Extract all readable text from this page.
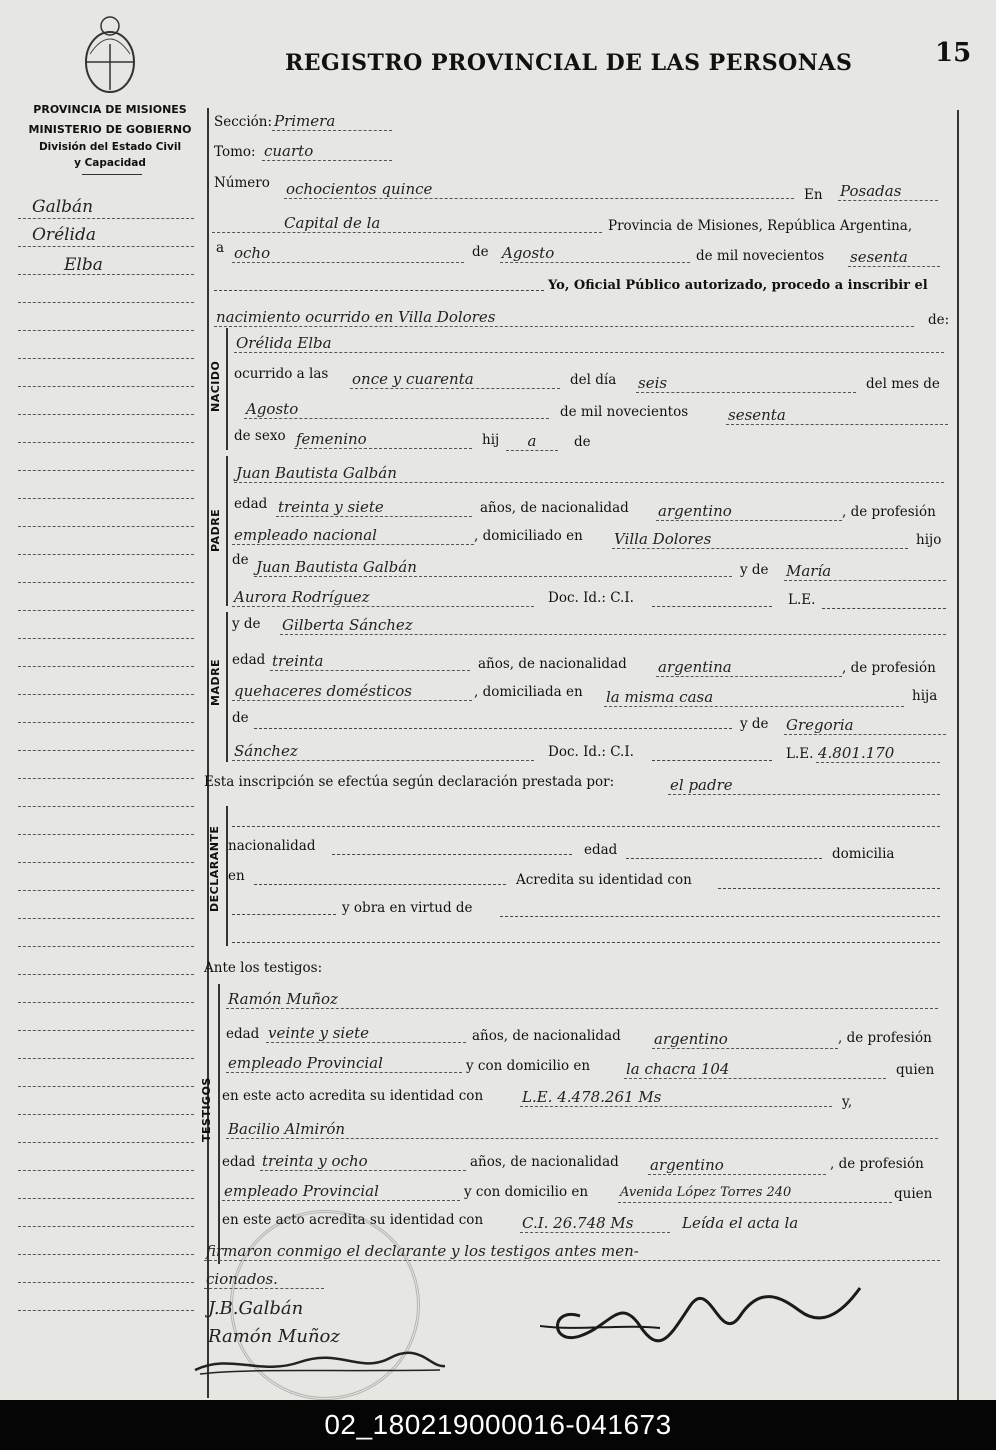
REGISTRO PROVINCIAL DE LAS PERSONAS	15
PROVINCIA DE MISIONES
MINISTERIO DE GOBIERNO
División del Estado Civil
y Capacidad
Galbán
Orélida
Elba
Sección: Primera
Tomo: cuarto
Número ochocientos quince	En Posadas
Capital de la	Provincia de Misiones, República Argentina,
a ocho	de Agosto	de mil novecientos sesenta
Yo, Oficial Público autorizado, procedo a inscribir el
nacimiento ocurrido en Villa Dolores	de:
NACIDO
Orélida Elba
ocurrido a las once y cuarenta	del día seis	del mes de
Agosto	de mil novecientos	sesenta
de sexo femenino	hij	a	de
PADRE
Juan Bautista Galbán
edad treinta y siete	años, de nacionalidad argentino	, de profesión
empleado nacional	, domiciliado en Villa Dolores	hijo
de Juan Bautista Galbán	y de María
Aurora Rodríguez	Doc. Id.: C.I.	L.E.
MADRE
y de Gilberta Sánchez
edad treinta	años, de nacionalidad argentina	, de profesión
quehaceres domésticos	, domiciliada en la misma casa	hija
de	y de Gregoria
Sánchez	Doc. Id.: C.I.	L.E. 4.801.170
Esta inscripción se efectúa según declaración prestada por:	el padre
DECLARANTE nacionalidad	edad	domicilia
en	Acredita su identidad con
y obra en virtud de
Ante los testigos:
TESTIGOS
Ramón Muñoz
edad veinte y siete	años, de nacionalidad argentino	, de profesión
empleado Provincial	y con domicilio en la chacra 104	quien
en este acto acredita su identidad con	L.E. 4.478.261 Ms	y,
Bacilio Almirón
edad treinta y ocho	años, de nacionalidad argentino	, de profesión
empleado Provincial	y con domicilio en Avenida López Torres 240	quien
en este acto acredita su identidad con	C.I. 26.748 Ms	Leída el acta la
firmaron conmigo el declarante y los testigos antes men-
cionados.
J.B.Galbán
Ramón Muñoz
02_180219000016-041673
